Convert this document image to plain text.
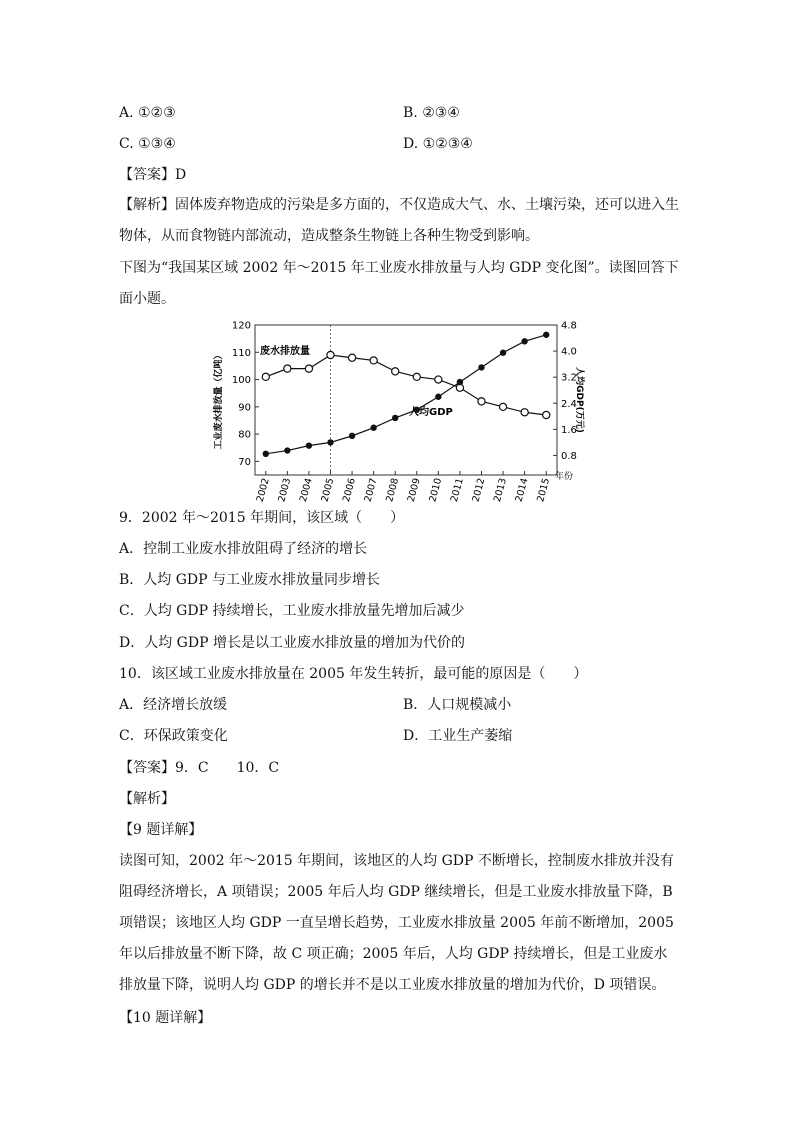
A. ①②③	B. ②③④
C. ①③④	D. ①②③④
【答案】D
【解析】固体废弃物造成的污染是多方面的，不仅造成大气、水、土壤污染，还可以进入生物体，从而食物链内部流动，造成整条生物链上各种生物受到影响。
下图为“我国某区域 2002 年～2015 年工业废水排放量与人均 GDP 变化图”。读图回答下面小题。
70
80
90
100
110
120
0.8
1.6
2.4
3.2
4.0
4.8
2002 2003 2004 2005 2006 2007 2008 2009 2010 2011 2012 2013 2014 2015
废水排放量
人均GDP
年份
工业废水排放量（亿吨）	人均GDP(万元)
9．2002 年～2015 年期间，该区域（　　）
A．控制工业废水排放阻碍了经济的增长
B．人均 GDP 与工业废水排放量同步增长
C．人均 GDP 持续增长，工业废水排放量先增加后减少
D．人均 GDP 增长是以工业废水排放量的增加为代价的
10．该区域工业废水排放量在 2005 年发生转折，最可能的原因是（　　）
A．经济增长放缓	B．人口规模减小
C．环保政策变化	D．工业生产萎缩
【答案】9．C　　10．C
【解析】
【9 题详解】
读图可知，2002 年～2015 年期间，该地区的人均 GDP 不断增长，控制废水排放并没有阻碍经济增长，A 项错误；2005 年后人均 GDP 继续增长，但是工业废水排放量下降，B 项错误；该地区人均 GDP 一直呈增长趋势，工业废水排放量 2005 年前不断增加，2005 年以后排放量不断下降，故 C 项正确；2005 年后，人均 GDP 持续增长，但是工业废水排放量下降，说明人均 GDP 的增长并不是以工业废水排放量的增加为代价，D 项错误。
【10 题详解】
